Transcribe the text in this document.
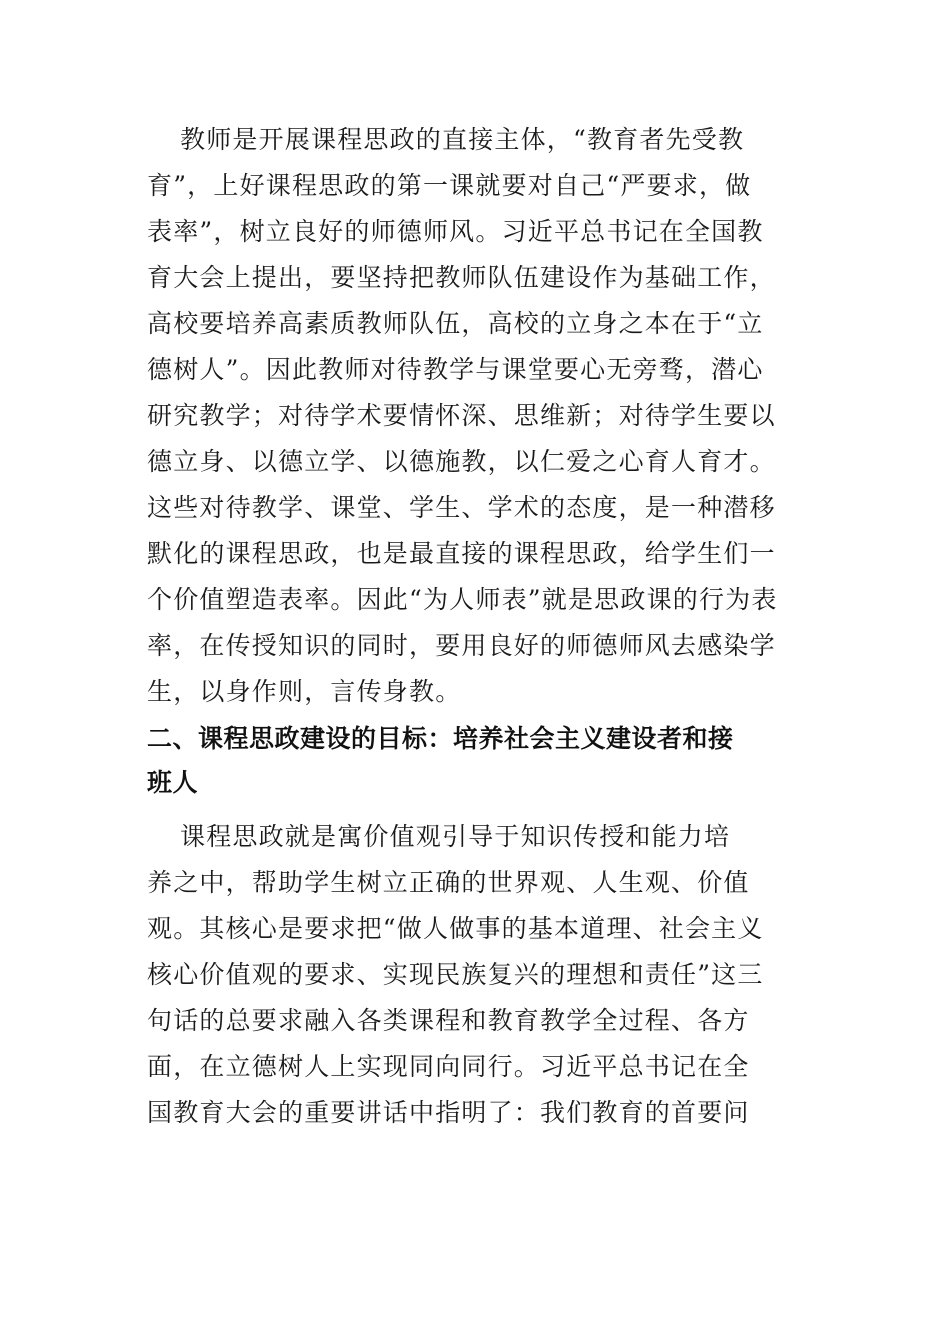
教师是开展课程思政的直接主体，“教育者先受教
育”，上好课程思政的第一课就要对自己“严要求，做
表率”，树立良好的师德师风。习近平总书记在全国教
育大会上提出，要坚持把教师队伍建设作为基础工作，
高校要培养高素质教师队伍，高校的立身之本在于“立
德树人”。因此教师对待教学与课堂要心无旁骛，潜心
研究教学；对待学术要情怀深、思维新；对待学生要以
德立身、以德立学、以德施教，以仁爱之心育人育才。
这些对待教学、课堂、学生、学术的态度，是一种潜移
默化的课程思政，也是最直接的课程思政，给学生们一
个价值塑造表率。因此“为人师表”就是思政课的行为表
率，在传授知识的同时，要用良好的师德师风去感染学
生，以身作则，言传身教。
二、课程思政建设的目标：培养社会主义建设者和接
班人
课程思政就是寓价值观引导于知识传授和能力培
养之中，帮助学生树立正确的世界观、人生观、价值
观。其核心是要求把“做人做事的基本道理、社会主义
核心价值观的要求、实现民族复兴的理想和责任”这三
句话的总要求融入各类课程和教育教学全过程、各方
面，在立德树人上实现同向同行。习近平总书记在全
国教育大会的重要讲话中指明了：我们教育的首要问
